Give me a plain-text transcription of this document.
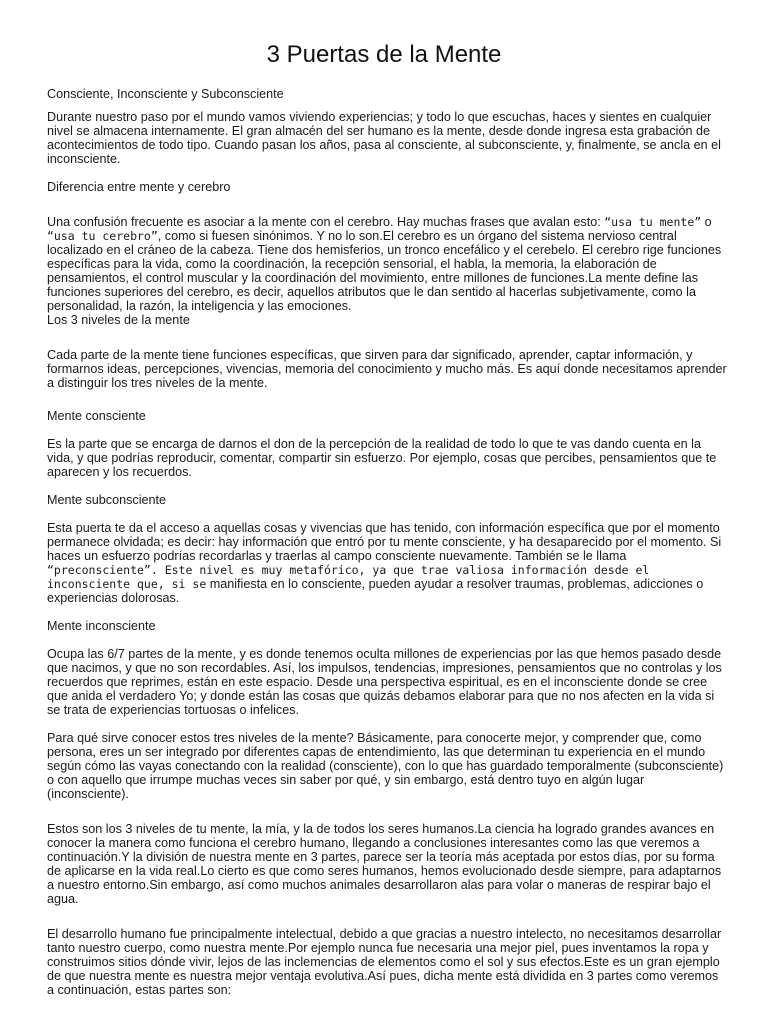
3 Puertas de la Mente

Consciente, Inconsciente y Subconsciente

Durante nuestro paso por el mundo vamos viviendo experiencias; y todo lo que escuchas, haces y sientes en cualquier nivel se almacena internamente. El gran almacén del ser humano es la mente, desde donde ingresa esta grabación de acontecimientos de todo tipo. Cuando pasan los años, pasa al consciente, al subconsciente, y, finalmente, se ancla en el inconsciente.

Diferencia entre mente y cerebro

Una confusión frecuente es asociar a la mente con el cerebro. Hay muchas frases que avalan esto: “usa tu mente” o “usa tu cerebro”, como si fuesen sinónimos. Y no lo son.El cerebro es un órgano del sistema nervioso central localizado en el cráneo de la cabeza. Tiene dos hemisferios, un tronco encefálico y el cerebelo. El cerebro rige funciones específicas para la vida, como la coordinación, la recepción sensorial, el habla, la memoria, la elaboración de pensamientos, el control muscular y la coordinación del movimiento, entre millones de funciones.La mente define las funciones superiores del cerebro, es decir, aquellos atributos que le dan sentido al hacerlas subjetivamente, como la personalidad, la razón, la inteligencia y las emociones.

Los 3 niveles de la mente

Cada parte de la mente tiene funciones específicas, que sirven para dar significado, aprender, captar información, y formarnos ideas, percepciones, vivencias, memoria del conocimiento y mucho más. Es aquí donde necesitamos aprender a distinguir los tres niveles de la mente.

Mente consciente

Es la parte que se encarga de darnos el don de la percepción de la realidad de todo lo que te vas dando cuenta en la vida, y que podrías reproducir, comentar, compartir sin esfuerzo. Por ejemplo, cosas que percibes, pensamientos que te aparecen y los recuerdos.

Mente subconsciente

Esta puerta te da el acceso a aquellas cosas y vivencias que has tenido, con información específica que por el momento permanece olvidada; es decir: hay información que entró por tu mente consciente, y ha desaparecido por el momento. Si haces un esfuerzo podrías recordarlas y traerlas al campo consciente nuevamente. También se le llama “preconsciente”. Este nivel es muy metafórico, ya que trae valiosa información desde el inconsciente que, si se manifiesta en lo consciente, pueden ayudar a resolver traumas, problemas, adicciones o experiencias dolorosas.

Mente inconsciente

Ocupa las 6/7 partes de la mente, y es donde tenemos oculta millones de experiencias por las que hemos pasado desde que nacimos, y que no son recordables. Así, los impulsos, tendencias, impresiones, pensamientos que no controlas y los recuerdos que reprimes, están en este espacio. Desde una perspectiva espiritual, es en el inconsciente donde se cree que anida el verdadero Yo; y donde están las cosas que quizás debamos elaborar para que no nos afecten en la vida si se trata de experiencias tortuosas o infelices.

Para qué sirve conocer estos tres niveles de la mente? Básicamente, para conocerte mejor, y comprender que, como persona, eres un ser integrado por diferentes capas de entendimiento, las que determinan tu experiencia en el mundo según cómo las vayas conectando con la realidad (consciente), con lo que has guardado temporalmente (subconsciente) o con aquello que irrumpe muchas veces sin saber por qué, y sin embargo, está dentro tuyo en algún lugar (inconsciente).

Estos son los 3 niveles de tu mente, la mía, y la de todos los seres humanos.La ciencia ha logrado grandes avances en conocer la manera como funciona el cerebro humano, llegando a conclusiones interesantes como las que veremos a continuación.Y la división de nuestra mente en 3 partes, parece ser la teoría más aceptada por estos días, por su forma de aplicarse en la vida real.Lo cierto es que como seres humanos, hemos evolucionado desde siempre, para adaptarnos a nuestro entorno.Sin embargo, así como muchos animales desarrollaron alas para volar o maneras de respirar bajo el agua.

El desarrollo humano fue principalmente intelectual, debido a que gracias a nuestro intelecto, no necesitamos desarrollar tanto nuestro cuerpo, como nuestra mente.Por ejemplo nunca fue necesaria una mejor piel, pues inventamos la ropa y construimos sitios dónde vivir, lejos de las inclemencias de elementos como el sol y sus efectos.Este es un gran ejemplo de que nuestra mente es nuestra mejor ventaja evolutiva.Así pues, dicha mente está dividida en 3 partes como veremos a continuación, estas partes son:
